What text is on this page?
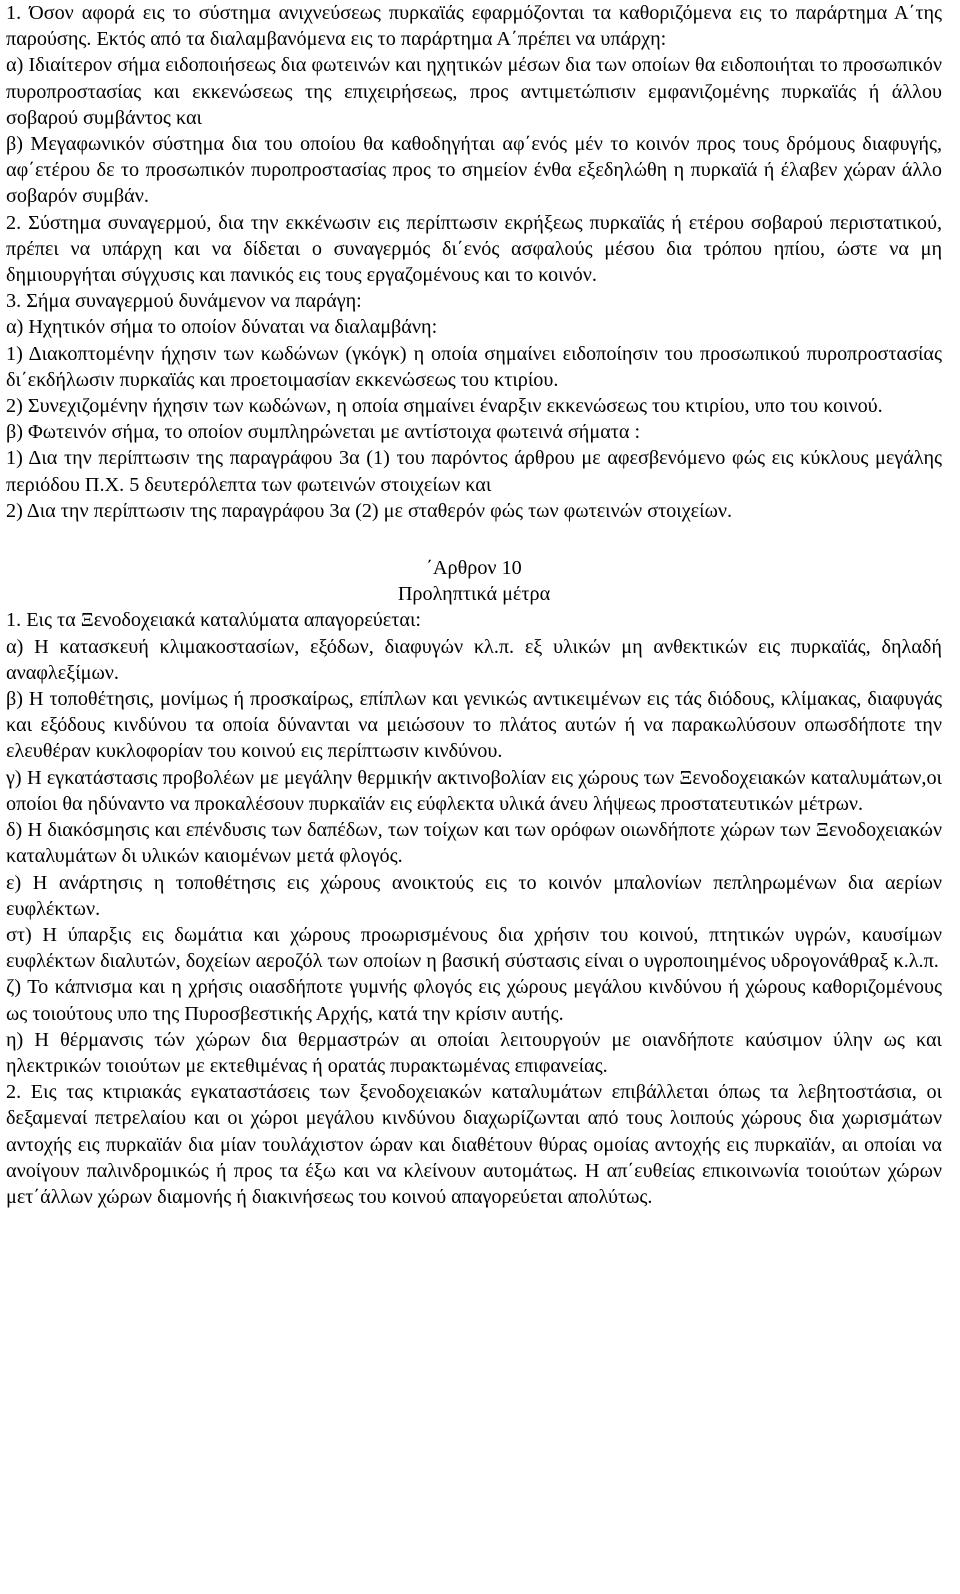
1. Όσον αφορά εις το σύστημα ανιχνεύσεως πυρκαϊάς εφαρμόζονται τα καθοριζόμενα εις το παράρτημα Α΄της παρούσης. Εκτός από τα διαλαμβανόμενα εις το παράρτημα Α΄πρέπει να υπάρχη:

α) Ιδιαίτερον σήμα ειδοποιήσεως δια φωτεινών και ηχητικών μέσων δια των οποίων θα ειδοποιήται το προσωπικόν πυροπροστασίας και εκκενώσεως της επιχειρήσεως, προς αντιμετώπισιν εμφανιζομένης πυρκαϊάς ή άλλου σοβαρού συμβάντος και

β) Μεγαφωνικόν σύστημα δια του οποίου θα καθοδηγήται αφ΄ενός μέν το κοινόν προς τους δρόμους διαφυγής, αφ΄ετέρου δε το προσωπικόν πυροπροστασίας προς το σημείον ένθα εξεδηλώθη η πυρκαϊά ή έλαβεν χώραν άλλο σοβαρόν συμβάν.

2. Σύστημα συναγερμού, δια την εκκένωσιν εις περίπτωσιν εκρήξεως πυρκαϊάς ή ετέρου σοβαρού περιστατικού, πρέπει να υπάρχη και να δίδεται ο συναγερμός δι΄ενός ασφαλούς μέσου δια τρόπου ηπίου, ώστε να μη δημιουργήται σύγχυσις και πανικός εις τους εργαζομένους και το κοινόν.

3. Σήμα συναγερμού δυνάμενον να παράγη:

α) Ηχητικόν σήμα το οποίον δύναται να διαλαμβάνη:

1) Διακοπτομένην ήχησιν των κωδώνων (γκόγκ) η οποία σημαίνει ειδοποίησιν του προσωπικού πυροπροστασίας δι΄εκδήλωσιν πυρκαϊάς και προετοιμασίαν εκκενώσεως του κτιρίου.

2) Συνεχιζομένην ήχησιν των κωδώνων, η οποία σημαίνει έναρξιν εκκενώσεως του κτιρίου, υπο του κοινού.

β) Φωτεινόν σήμα, το οποίον συμπληρώνεται με αντίστοιχα φωτεινά σήματα :

1) Δια την περίπτωσιν της παραγράφου 3α (1) του παρόντος άρθρου με αφεσβενόμενο φώς εις κύκλους μεγάλης περιόδου Π.Χ. 5 δευτερόλεπτα των φωτεινών στοιχείων και

2) Δια την περίπτωσιν της παραγράφου 3α (2) με σταθερόν φώς των φωτεινών στοιχείων.

΄Αρθρον 10

Προληπτικά μέτρα

1. Εις τα Ξενοδοχειακά καταλύματα απαγορεύεται:

α) Η κατασκευή κλιμακοστασίων, εξόδων, διαφυγών κλ.π. εξ υλικών μη ανθεκτικών εις πυρκαϊάς, δηλαδή αναφλεξίμων.

β) Η τοποθέτησις, μονίμως ή προσκαίρως, επίπλων και γενικώς αντικειμένων εις τάς διόδους, κλίμακας, διαφυγάς και εξόδους κινδύνου τα οποία δύνανται να μειώσουν το πλάτος αυτών ή να παρακωλύσουν οπωσδήποτε την ελευθέραν κυκλοφορίαν του κοινού εις περίπτωσιν κινδύνου.

γ) Η εγκατάστασις προβολέων με μεγάλην θερμικήν ακτινοβολίαν εις χώρους των Ξενοδοχειακών καταλυμάτων,οι οποίοι θα ηδύναντο να προκαλέσουν πυρκαϊάν εις εύφλεκτα υλικά άνευ λήψεως προστατευτικών μέτρων.

δ) Η διακόσμησις και επένδυσις των δαπέδων, των τοίχων και των ορόφων οιωνδήποτε χώρων των Ξενοδοχειακών καταλυμάτων δι υλικών καιομένων μετά φλογός.

ε) Η ανάρτησις η τοποθέτησις εις χώρους ανοικτούς εις το κοινόν μπαλονίων πεπληρωμένων δια αερίων ευφλέκτων.

στ) Η ύπαρξις εις δωμάτια και χώρους προωρισμένους δια χρήσιν του κοινού, πτητικών υγρών, καυσίμων ευφλέκτων διαλυτών, δοχείων αεροζόλ των οποίων η βασική σύστασις είναι ο υγροποιημένος υδρογονάθραξ κ.λ.π.

ζ) Το κάπνισμα και η χρήσις οιασδήποτε γυμνής φλογός εις χώρους μεγάλου κινδύνου ή χώρους καθοριζομένους ως τοιούτους υπο της Πυροσβεστικής Αρχής, κατά την κρίσιν αυτής.

η) Η θέρμανσις τών χώρων δια θερμαστρών αι οποίαι λειτουργούν με οιανδήποτε καύσιμον ύλην ως και ηλεκτρικών τοιούτων με εκτεθιμένας ή ορατάς πυρακτωμένας επιφανείας.

2. Εις τας κτιριακάς εγκαταστάσεις των ξενοδοχειακών καταλυμάτων επιβάλλεται όπως τα λεβητοστάσια, οι δεξαμεναί πετρελαίου και οι χώροι μεγάλου κινδύνου διαχωρίζωνται από τους λοιπούς χώρους δια χωρισμάτων αντοχής εις πυρκαϊάν δια μίαν τουλάχιστον ώραν και διαθέτουν θύρας ομοίας αντοχής εις πυρκαϊάν, αι οποίαι να ανοίγουν παλινδρομικώς ή προς τα έξω και να κλείνουν αυτομάτως. Η απ΄ευθείας επικοινωνία τοιούτων χώρων μετ΄άλλων χώρων διαμονής ή διακινήσεως του κοινού απαγορεύεται απολύτως.
